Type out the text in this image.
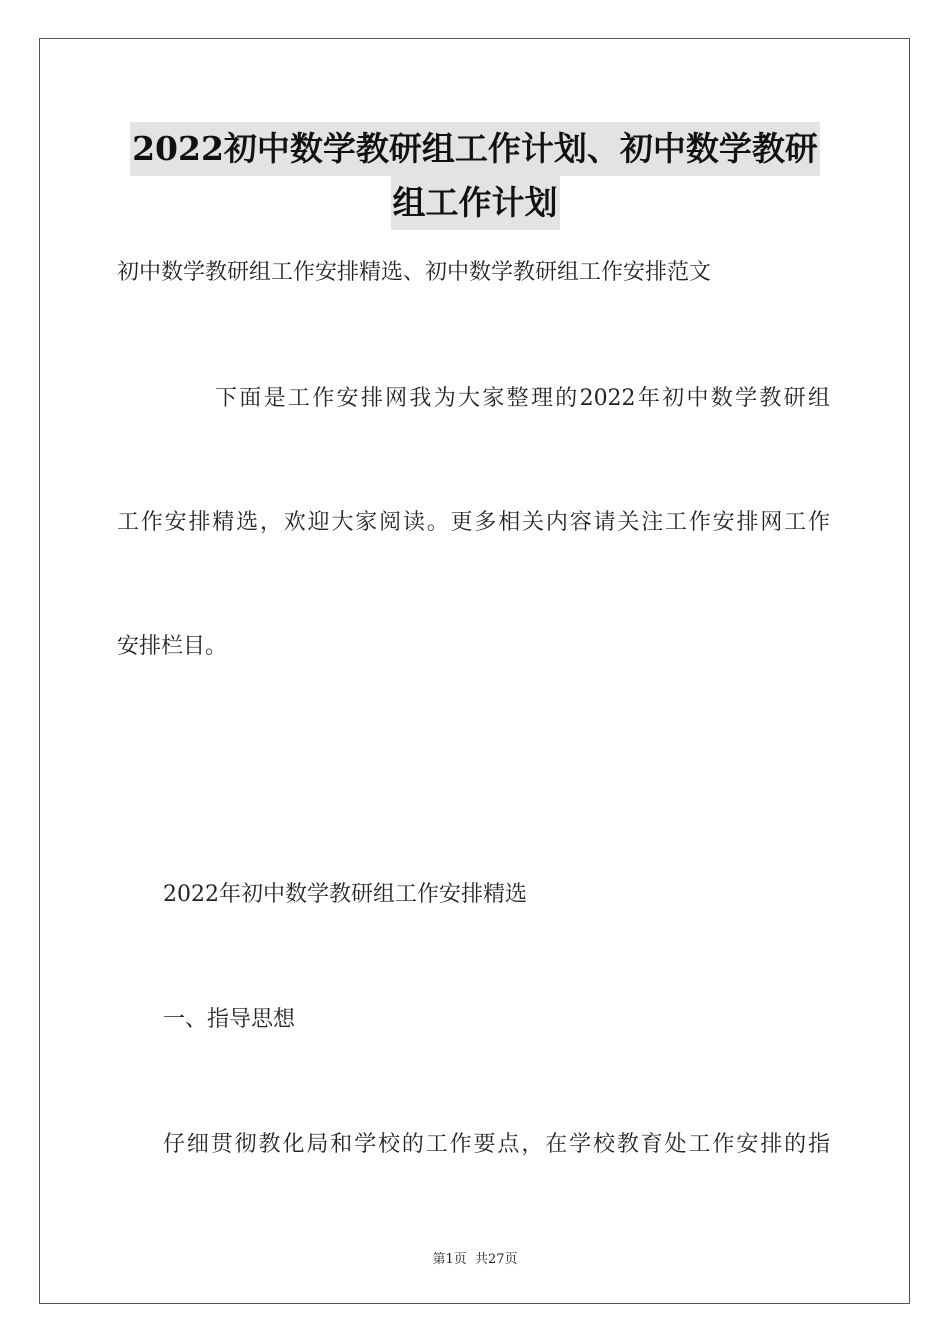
2022初中数学教研组工作计划、初中数学教研
组工作计划
初中数学教研组工作安排精选、初中数学教研组工作安排范文
下面是工作安排网我为大家整理的2022年初中数学教研组
工作安排精选，欢迎大家阅读。更多相关内容请关注工作安排网工作
安排栏目。
2022年初中数学教研组工作安排精选
一、指导思想
仔细贯彻教化局和学校的工作要点，在学校教育处工作安排的指
第1页  共27页
